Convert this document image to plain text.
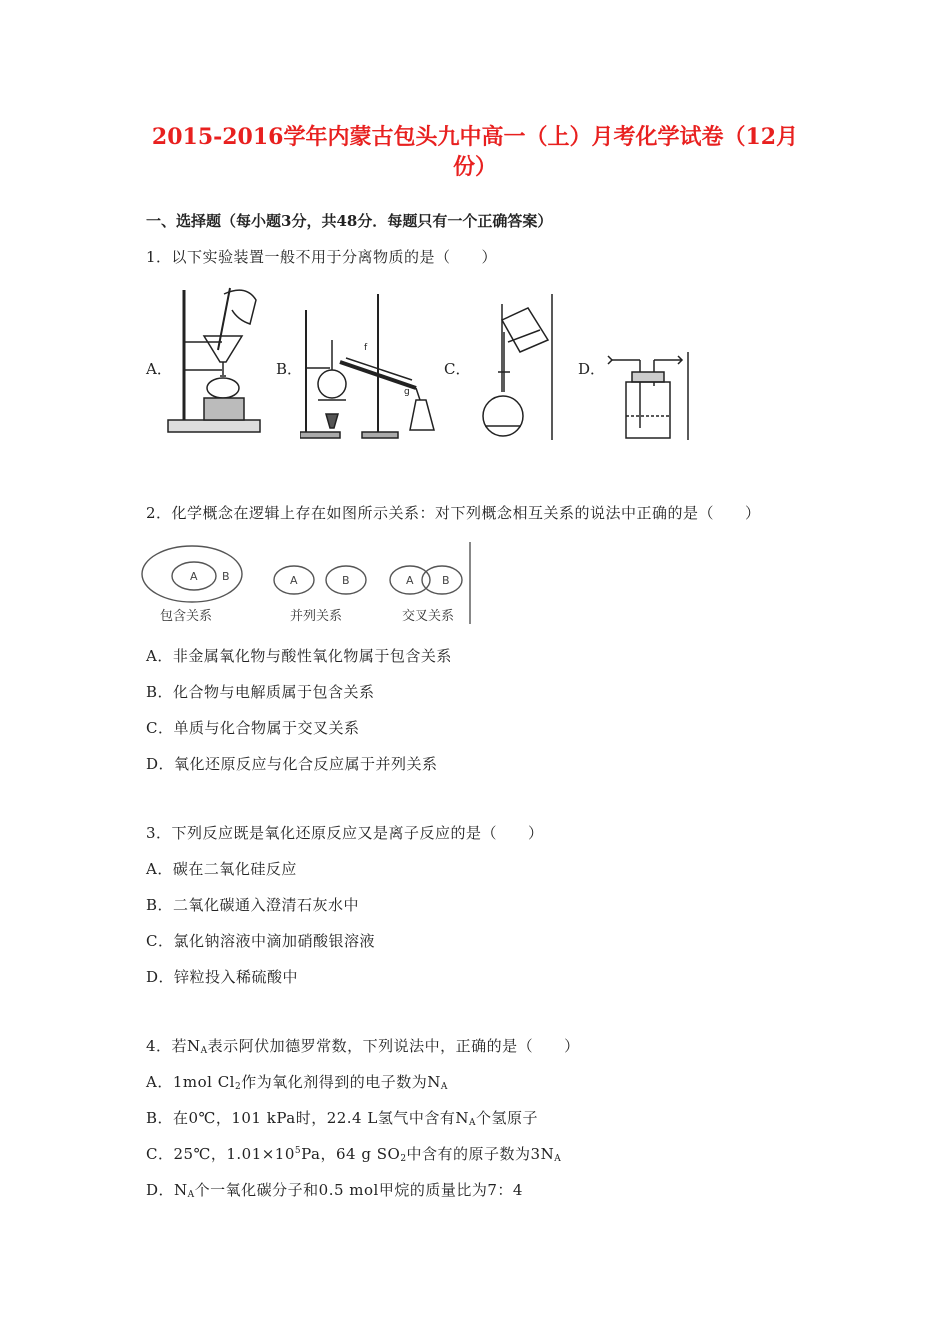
2015-2016学年内蒙古包头九中高一（上）月考化学试卷（12月
份）
一、选择题（每小题3分，共48分．每题只有一个正确答案）
1．以下实验装置一般不用于分离物质的是（　　）
A．	B．	C．	D．
f
g
2．化学概念在逻辑上存在如图所示关系：对下列概念相互关系的说法中正确的是（　　）
A B	A	B	A	B
包含关系	并列关系	交叉关系
A．非金属氧化物与酸性氧化物属于包含关系
B．化合物与电解质属于包含关系
C．单质与化合物属于交叉关系
D．氧化还原反应与化合反应属于并列关系
3．下列反应既是氧化还原反应又是离子反应的是（　　）
A．碳在二氧化硅反应
B．二氧化碳通入澄清石灰水中
C．氯化钠溶液中滴加硝酸银溶液
D．锌粒投入稀硫酸中
4．若$N_A$表示阿伏加德罗常数，下列说法中，正确的是（　　）
A．1mol $Cl_2$作为氧化剂得到的电子数为$N_A$
B．在0℃，101 kPa时，22.4 L氢气中含有$N_A$个氢原子
C．25℃，$1.01\times 10^5Pa$，64 g $SO_2$中含有的原子数为$3N_A$
D．$N_A$个一氧化碳分子和0.5 mol甲烷的质量比为7：4
